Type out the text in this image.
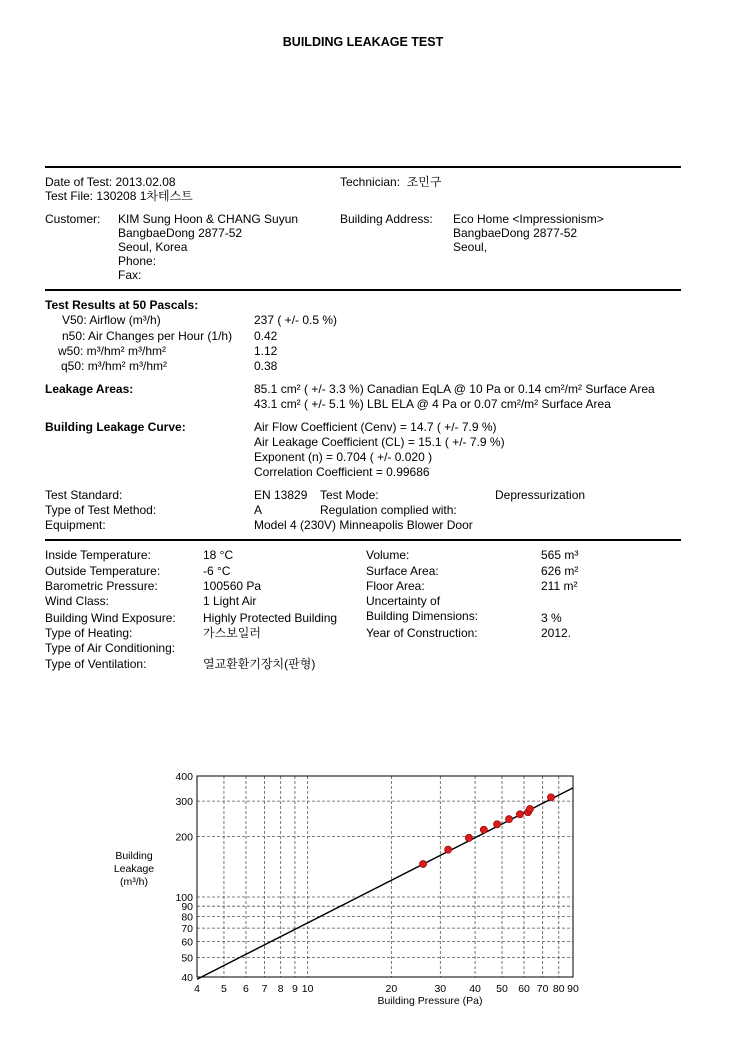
BUILDING LEAKAGE TEST
Date of Test: 2013.02.08
Test File: 130208 1차테스트
Technician: 조민구
Customer: KIM Sung Hoon & CHANG Suyun
BangbaeDong 2877-52
Seoul, Korea
Phone:
Fax:
Building Address: Eco Home <Impressionism>
BangbaeDong 2877-52
Seoul,
Test Results at 50 Pascals:
V50: Airflow (m³/h)	237 ( +/- 0.5 %)
n50: Air Changes per Hour (1/h) 0.42
w50: m³/hm² m³/hm²	1.12
q50: m³/hm² m³/hm²	0.38
Leakage Areas:	85.1 cm² ( +/- 3.3 %) Canadian EqLA @ 10 Pa or 0.14 cm²/m² Surface Area
43.1 cm² ( +/- 5.1 %) LBL ELA @ 4 Pa or 0.07 cm²/m² Surface Area
Building Leakage Curve:	Air Flow Coefficient (Cenv) = 14.7 ( +/- 7.9 %)
Air Leakage Coefficient (CL) = 15.1 ( +/- 7.9 %)
Exponent (n) = 0.704 ( +/- 0.020 )
Correlation Coefficient = 0.99686
Test Standard:	EN 13829 Test Mode:	Depressurization
Type of Test Method:	A	Regulation complied with:
Equipment:	Model 4 (230V) Minneapolis Blower Door
Inside Temperature:	18 °C
Outside Temperature:	-6 °C
Barometric Pressure:	100560 Pa
Wind Class:	1 Light Air
Building Wind Exposure: Highly Protected Building
Type of Heating:	가스보일러
Type of Air Conditioning:
Type of Ventilation:	열교환환기장치(판형)
Volume:	565 m³
Surface Area:	626 m²
Floor Area:	211 m²
Uncertainty of
Building Dimensions:	3 %
Year of Construction:	2012.
4 5 6 7 8 9 10	20	30 40 50 60 70 80 90
40
50
60
70
80
90
100
200
300
400
Building Pressure (Pa)
Building
Leakage
(m³/h)
